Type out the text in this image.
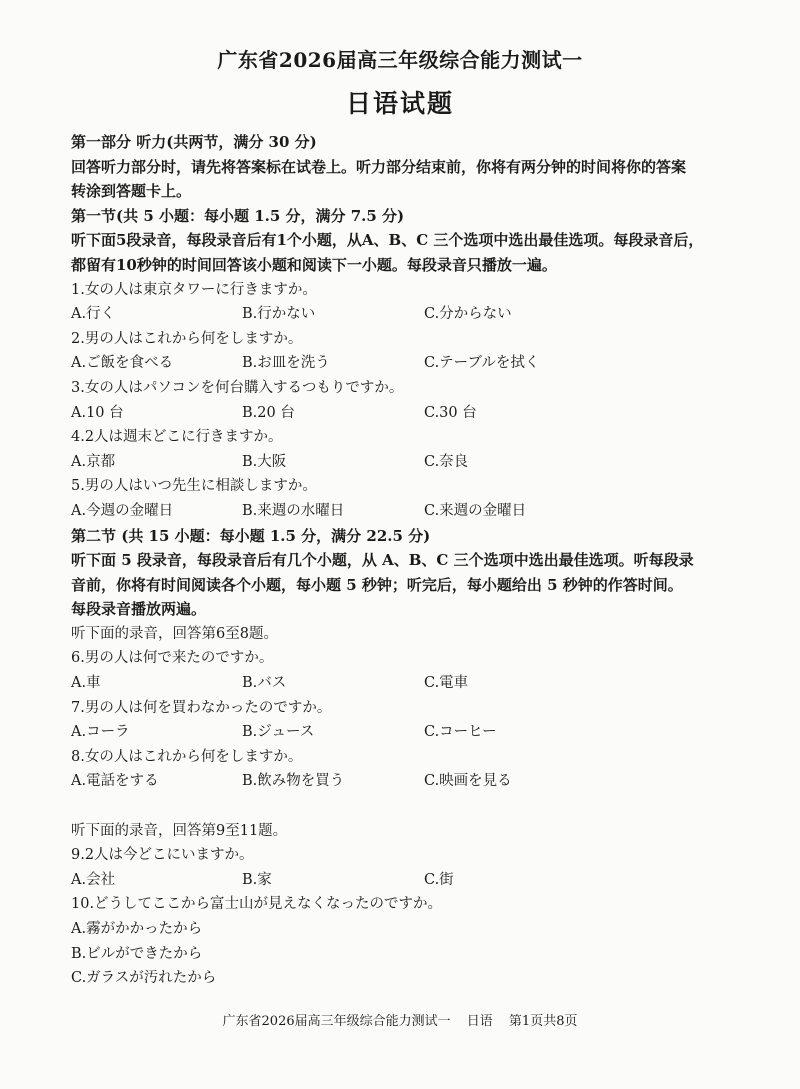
广东省2026届高三年级综合能力测试一
日语试题
第一部分 听力(共两节，满分 30 分)
回答听力部分时，请先将答案标在试卷上。听力部分结束前，你将有两分钟的时间将你的答案
转涂到答题卡上。
第一节(共 5 小题：每小题 1.5 分，满分 7.5 分)
听下面5段录音，每段录音后有1个小题，从A、B、C 三个选项中选出最佳选项。每段录音后，
都留有10秒钟的时间回答该小题和阅读下一小题。每段录音只播放一遍。
1.女の人は東京タワーに行きますか。
A.行く	B.行かない	C.分からない
2.男の人はこれから何をしますか。
A.ご飯を食べる	B.お皿を洗う	C.テーブルを拭く
3.女の人はパソコンを何台購入するつもりですか。
A.10 台	B.20 台	C.30 台
4.2人は週末どこに行きますか。
A.京都	B.大阪	C.奈良
5.男の人はいつ先生に相談しますか。
A.今週の金曜日	B.来週の水曜日	C.来週の金曜日
第二节 (共 15 小题：每小题 1.5 分，满分 22.5 分)
听下面 5 段录音，每段录音后有几个小题，从 A、B、C 三个选项中选出最佳选项。听每段录
音前，你将有时间阅读各个小题，每小题 5 秒钟；听完后，每小题给出 5 秒钟的作答时间。
每段录音播放两遍。
听下面的录音，回答第6至8题。
6.男の人は何で来たのですか。
A.車	B.バス	C.電車
7.男の人は何を買わなかったのですか。
A.コーラ	B.ジュース	C.コーヒー
8.女の人はこれから何をしますか。
A.電話をする	B.飲み物を買う	C.映画を見る
听下面的录音，回答第9至11题。
9.2人は今どこにいますか。
A.会社	B.家	C.街
10.どうしてここから富士山が見えなくなったのですか。
A.霧がかかったから
B.ビルができたから
C.ガラスが汚れたから
广东省2026届高三年级综合能力测试一 日语 第1页共8页
